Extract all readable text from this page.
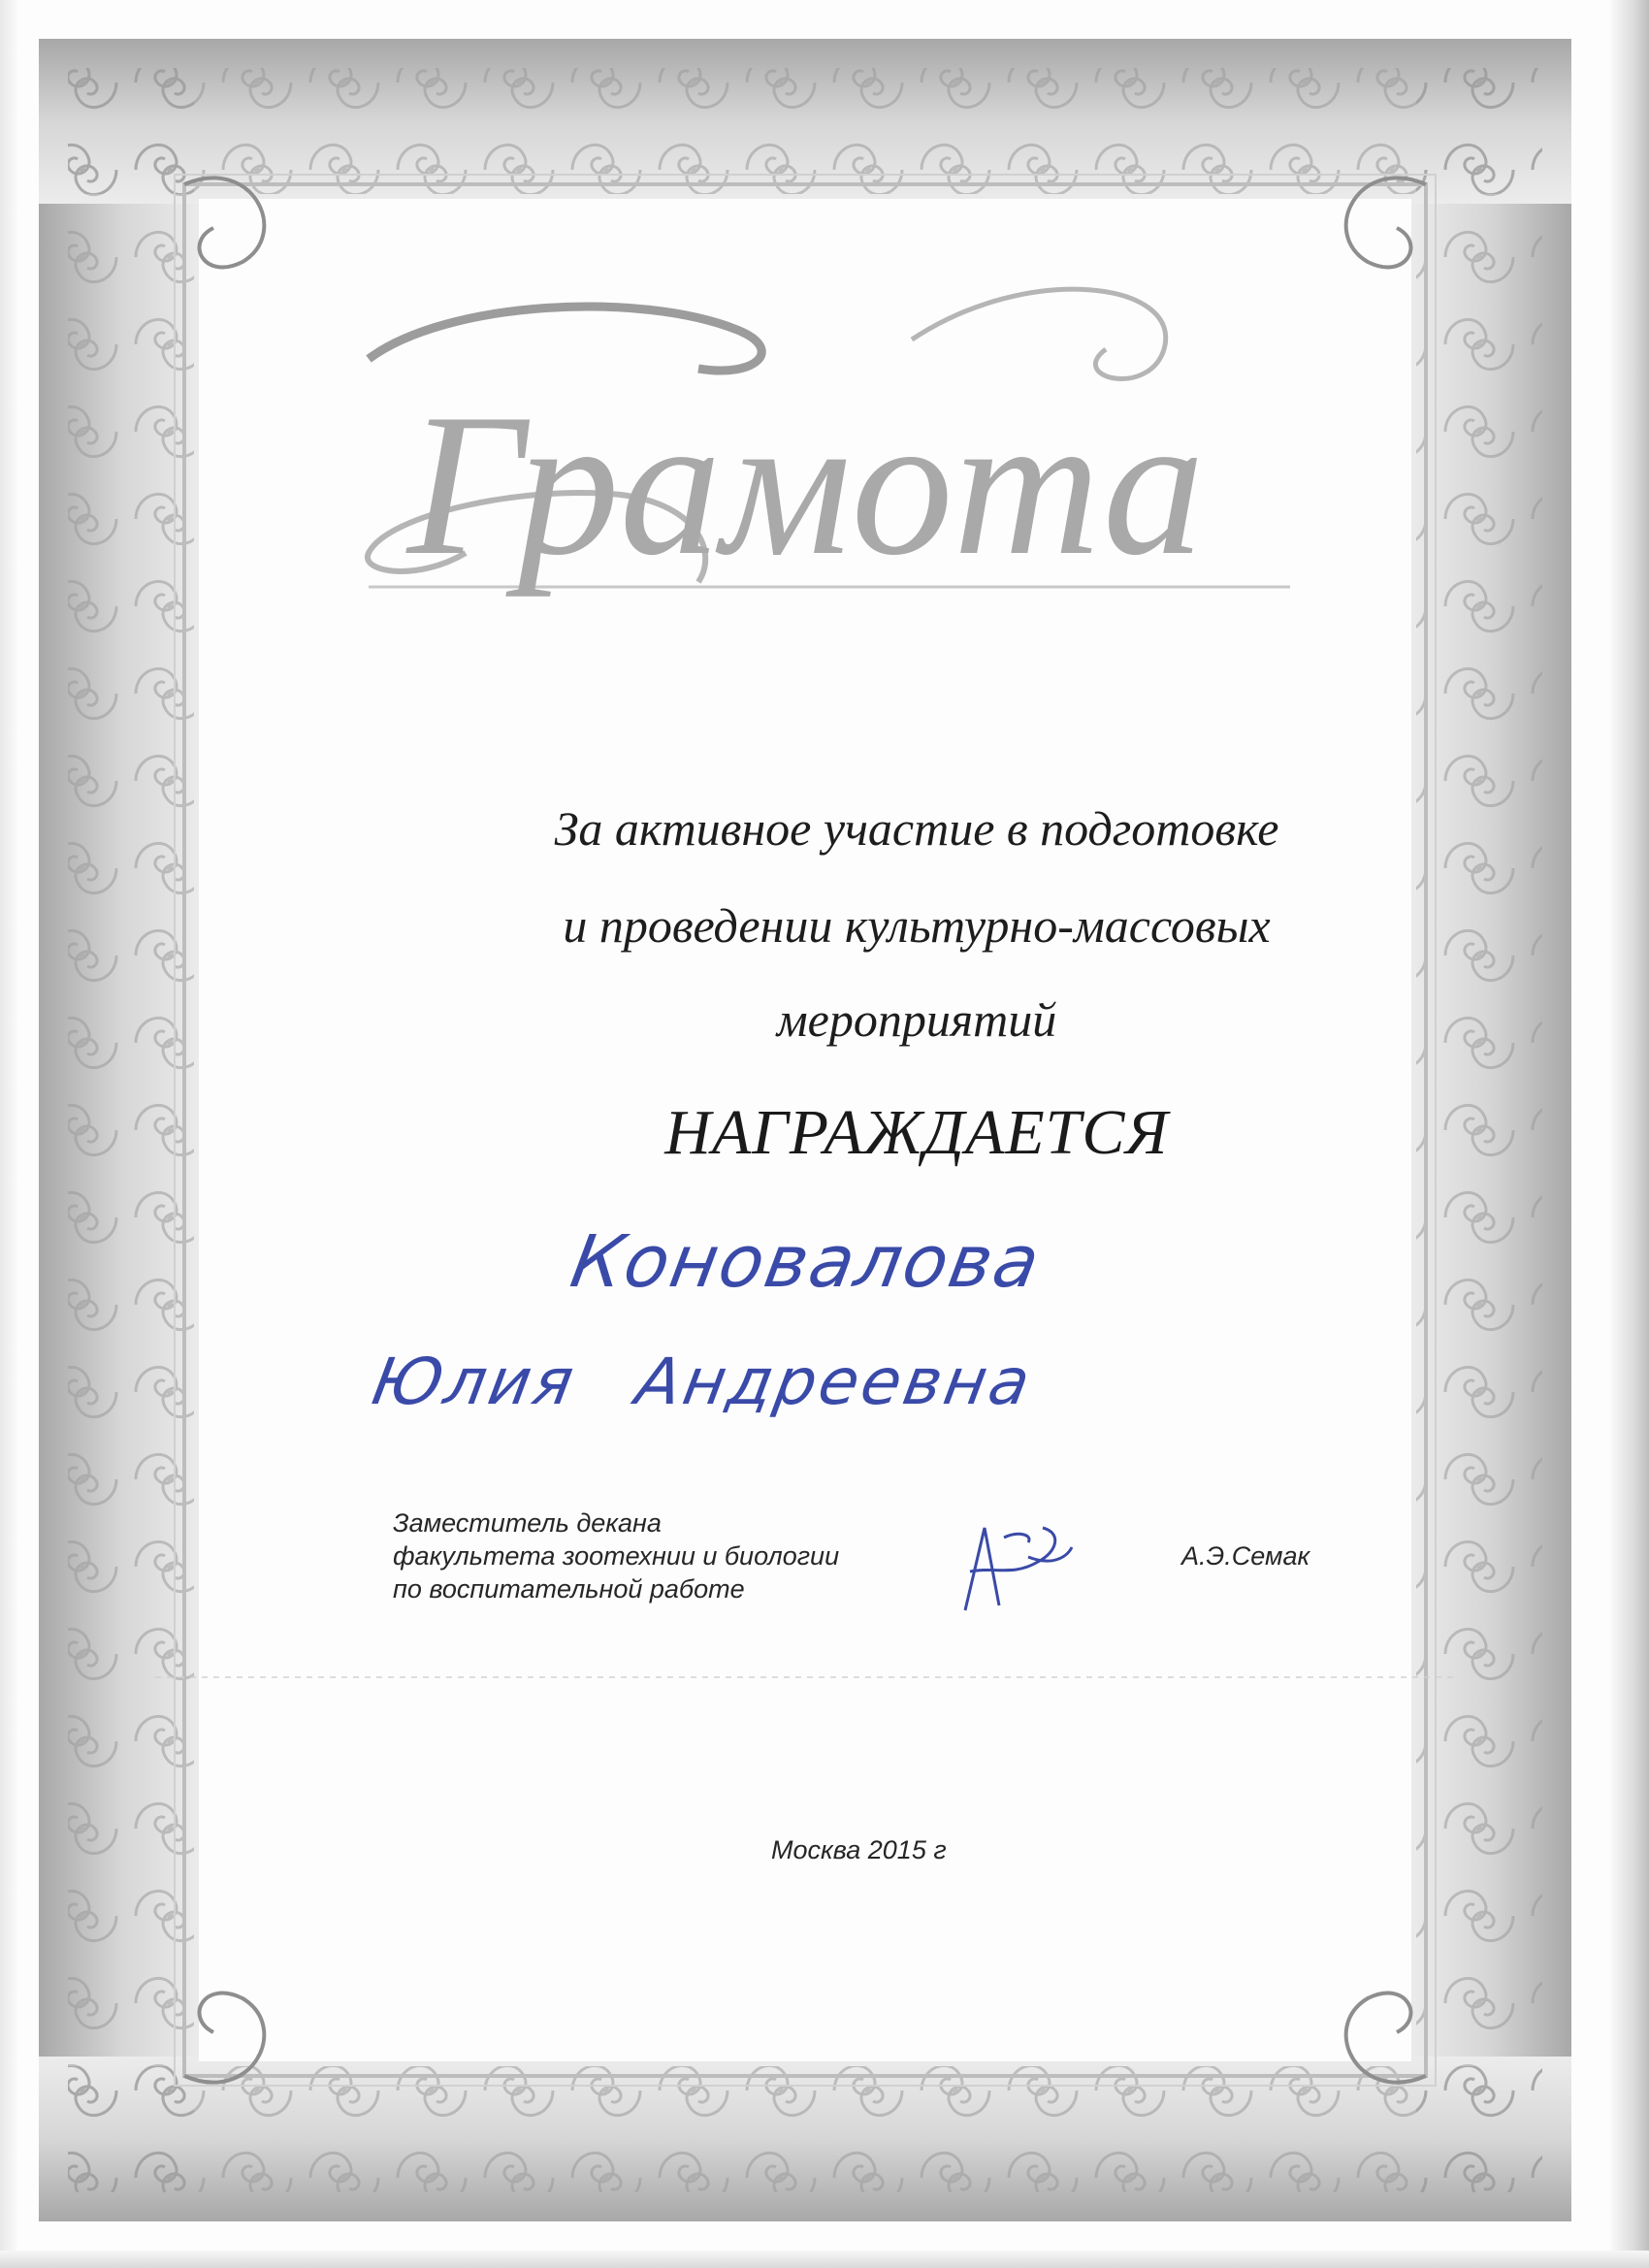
Грамота
За активное участие в подготовке
и проведении культурно-массовых
мероприятий
НАГРАЖДАЕТСЯ
Коновалова
Юлия Андреевна
Заместитель декана
факультета зоотехнии и биологии
по воспитательной работе
А.Э.Семак
Москва 2015 г
